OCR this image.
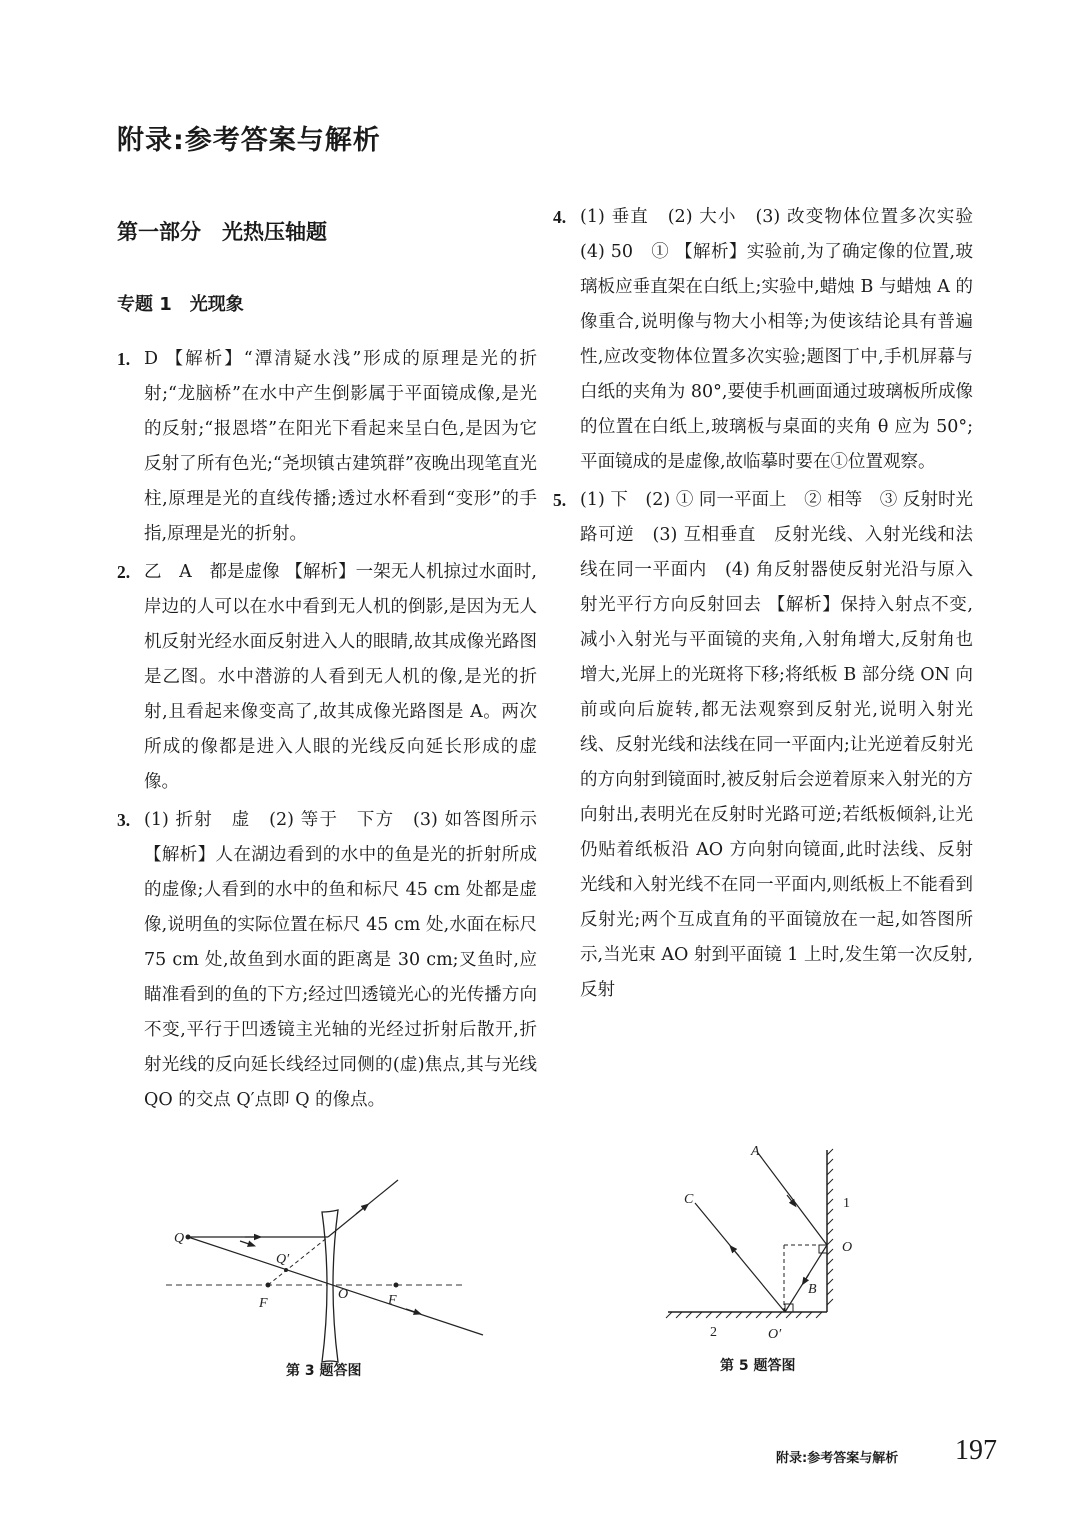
附录:参考答案与解析
第一部分　光热压轴题
专题 1　光现象
1. D 【解析】“潭清疑水浅”形成的原理是光的折射;“龙脑桥”在水中产生倒影属于平面镜成像,是光的反射;“报恩塔”在阳光下看起来呈白色,是因为它反射了所有色光;“尧坝镇古建筑群”夜晚出现笔直光柱,原理是光的直线传播;透过水杯看到“变形”的手指,原理是光的折射。
2. 乙　A　都是虚像 【解析】一架无人机掠过水面时,岸边的人可以在水中看到无人机的倒影,是因为无人机反射光经水面反射进入人的眼睛,故其成像光路图是乙图。水中潜游的人看到无人机的像,是光的折射,且看起来像变高了,故其成像光路图是 A。两次所成的像都是进入人眼的光线反向延长形成的虚像。
3. (1) 折射　虚　(2) 等于　下方　(3) 如答图所示 【解析】人在湖边看到的水中的鱼是光的折射所成的虚像;人看到的水中的鱼和标尺 45 cm 处都是虚像,说明鱼的实际位置在标尺 45 cm 处,水面在标尺 75 cm 处,故鱼到水面的距离是 30 cm;叉鱼时,应瞄准看到的鱼的下方;经过凹透镜光心的光传播方向不变,平行于凹透镜主光轴的光经过折射后散开,折射光线的反向延长线经过同侧的(虚)焦点,其与光线 QO 的交点 Q′点即 Q 的像点。
4. (1) 垂直　(2) 大小　(3) 改变物体位置多次实验　(4) 50　① 【解析】实验前,为了确定像的位置,玻璃板应垂直架在白纸上;实验中,蜡烛 B 与蜡烛 A 的像重合,说明像与物大小相等;为使该结论具有普遍性,应改变物体位置多次实验;题图丁中,手机屏幕与白纸的夹角为 80°,要使手机画面通过玻璃板所成像的位置在白纸上,玻璃板与桌面的夹角 θ 应为 50°;平面镜成的是虚像,故临摹时要在①位置观察。
5. (1) 下　(2) ① 同一平面上　② 相等　③ 反射时光路可逆　(3) 互相垂直　反射光线、入射光线和法线在同一平面内　(4) 角反射器使反射光沿与原入射光平行方向反射回去 【解析】保持入射点不变,减小入射光与平面镜的夹角,入射角增大,反射角也增大,光屏上的光斑将下移;将纸板 B 部分绕 ON 向前或向后旋转,都无法观察到反射光,说明入射光线、反射光线和法线在同一平面内;让光逆着反射光的方向射到镜面时,被反射后会逆着原来入射光的方向射出,表明光在反射时光路可逆;若纸板倾斜,让光仍贴着纸板沿 AO 方向射向镜面,此时法线、反射光线和入射光线不在同一平面内,则纸板上不能看到反射光;两个互成直角的平面镜放在一起,如答图所示,当光束 AO 射到平面镜 1 上时,发生第一次反射,反射
Q
Q′
F
O	F
第 3 题答图
A
C	1
O
B
2	O′
第 5 题答图
附录:参考答案与解析 197
